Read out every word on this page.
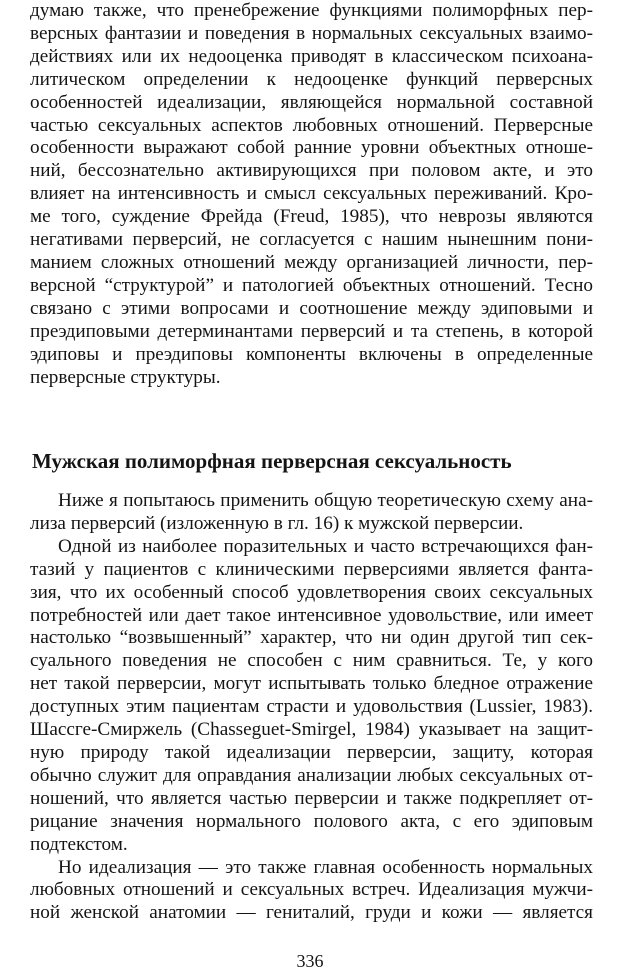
думаю также, что пренебрежение функциями полиморфных пер-
версных фантазии и поведения в нормальных сексуальных взаимо-
действиях или их недооценка приводят в классическом психоана-
литическом определении к недооценке функций перверсных
особенностей идеализации, являющейся нормальной составной
частью сексуальных аспектов любовных отношений. Перверсные
особенности выражают собой ранние уровни объектных отноше-
ний, бессознательно активирующихся при половом акте, и это
влияет на интенсивность и смысл сексуальных переживаний. Кро-
ме того, суждение Фрейда (Freud, 1985), что неврозы являются
негативами перверсий, не согласуется с нашим нынешним пони-
манием сложных отношений между организацией личности, пер-
версной “структурой” и патологией объектных отношений. Тесно
связано с этими вопросами и соотношение между эдиповыми и
преэдиповыми детерминантами перверсий и та степень, в которой
эдиповы и преэдиповы компоненты включены в определенные
перверсные структуры.
Мужская полиморфная перверсная сексуальность
Ниже я попытаюсь применить общую теоретическую схему ана-
лиза перверсий (изложенную в гл. 16) к мужской перверсии.
Одной из наиболее поразительных и часто встречающихся фан-
тазий у пациентов с клиническими перверсиями является фанта-
зия, что их особенный способ удовлетворения своих сексуальных
потребностей или дает такое интенсивное удовольствие, или имеет
настолько “возвышенный” характер, что ни один другой тип сек-
суального поведения не способен с ним сравниться. Те, у кого
нет такой перверсии, могут испытывать только бледное отражение
доступных этим пациентам страсти и удовольствия (Lussier, 1983).
Шассге-Смиржель (Chasseguet-Smirgel, 1984) указывает на защит-
ную природу такой идеализации перверсии, защиту, которая
обычно служит для оправдания анализации любых сексуальных от-
ношений, что является частью перверсии и также подкрепляет от-
рицание значения нормального полового акта, с его эдиповым
подтекстом.
Но идеализация — это также главная особенность нормальных
любовных отношений и сексуальных встреч. Идеализация мужчи-
ной женской анатомии — гениталий, груди и кожи — является
336
